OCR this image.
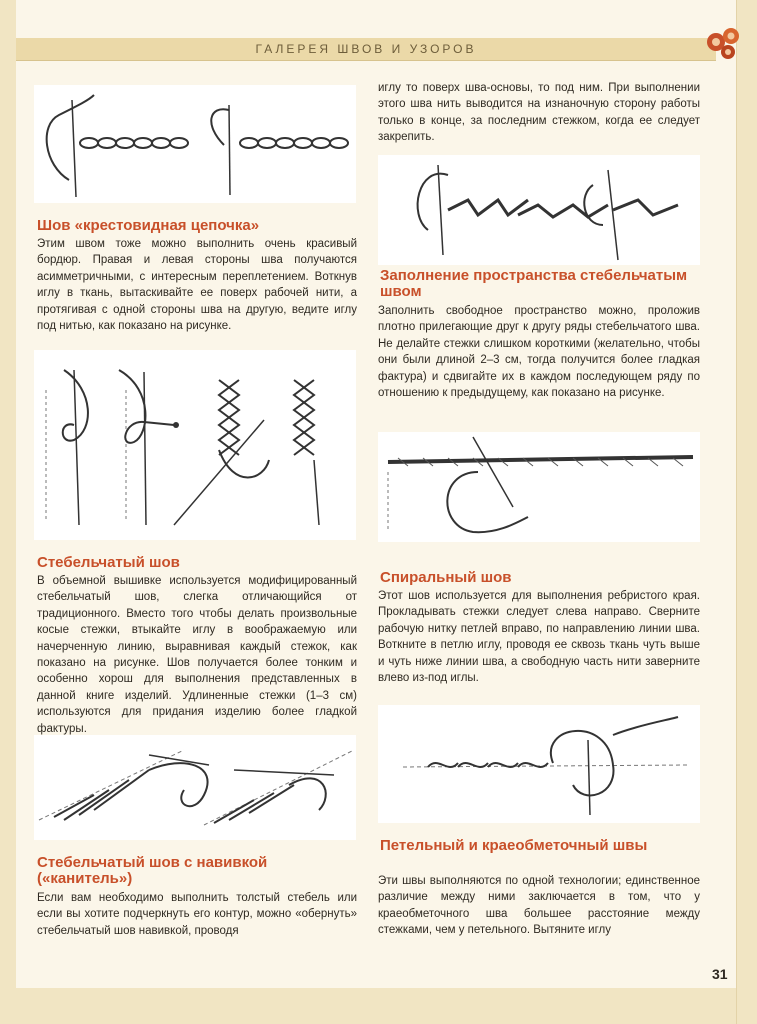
ГАЛЕРЕЯ ШВОВ И УЗОРОВ
Шов «крестовидная цепочка»

Этим швом тоже можно выполнить очень красивый бордюр. Правая и левая стороны шва получаются асимметричными, с интересным переплетением. Воткнув иглу в ткань, вытаскивайте ее поверх рабочей нити, а протягивая с одной стороны шва на другую, ведите иглу под нитью, как показано на рисунке.

Стебельчатый шов

В объемной вышивке используется модифицированный стебельчатый шов, слегка отличающийся от традиционного. Вместо того чтобы делать произвольные косые стежки, втыкайте иглу в воображаемую или начерченную линию, выравнивая каждый стежок, как показано на рисунке. Шов получается более тонким и особенно хорош для выполнения представленных в данной книге изделий. Удлиненные стежки (1–3 см) используются для придания изделию более гладкой фактуры.

Стебельчатый шов с навивкой («канитель»)

Если вам необходимо выполнить толстый стебель или если вы хотите подчеркнуть его контур, можно «обернуть» стебельчатый шов навивкой, проводя

иглу то поверх шва-основы, то под ним. При выполнении этого шва нить выводится на изнаночную сторону работы только в конце, за последним стежком, когда ее следует закрепить.

Заполнение пространства стебельчатым швом

Заполнить свободное пространство можно, проложив плотно прилегающие друг к другу ряды стебельчатого шва. Не делайте стежки слишком короткими (желательно, чтобы они были длиной 2–3 см, тогда получится более гладкая фактура) и сдвигайте их в каждом последующем ряду по отношению к предыдущему, как показано на рисунке.

Спиральный шов

Этот шов используется для выполнения ребристого края. Прокладывать стежки следует слева направо. Сверните рабочую нитку петлей вправо, по направлению линии шва. Воткните в петлю иглу, проводя ее сквозь ткань чуть выше и чуть ниже линии шва, а свободную часть нити заверните влево из-под иглы.

Петельный и краеобметочный швы

Эти швы выполняются по одной технологии; единственное различие между ними заключается в том, что у краеобметочного шва большее расстояние между стежками, чем у петельного. Вытяните иглу

31
